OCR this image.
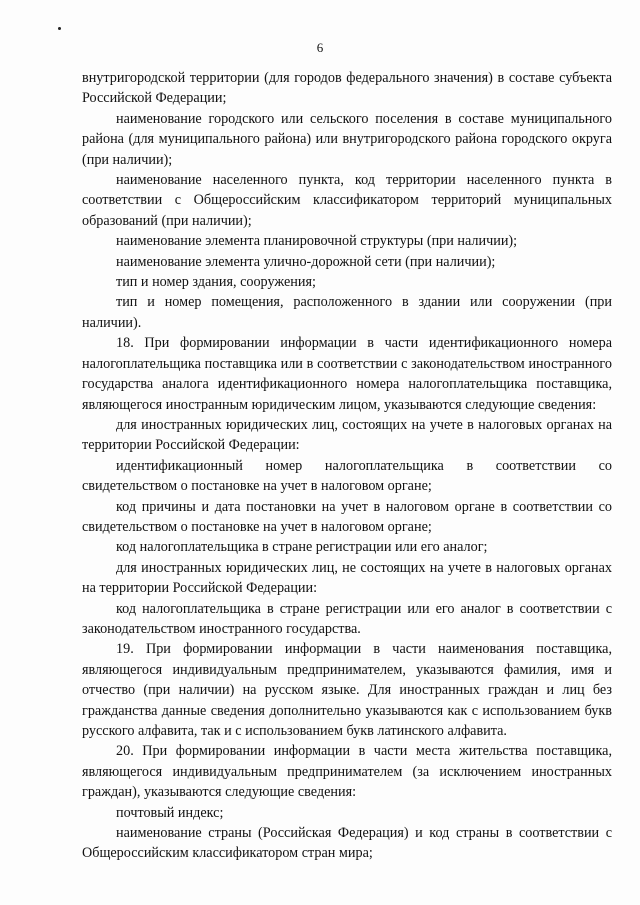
6

внутригородской территории (для городов федерального значения) в составе субъекта Российской Федерации;

наименование городского или сельского поселения в составе муниципального района (для муниципального района) или внутригородского района городского округа (при наличии);

наименование населенного пункта, код территории населенного пункта в соответствии с Общероссийским классификатором территорий муниципальных образований (при наличии);

наименование элемента планировочной структуры (при наличии);

наименование элемента улично-дорожной сети (при наличии);

тип и номер здания, сооружения;

тип и номер помещения, расположенного в здании или сооружении (при наличии).

18. При формировании информации в части идентификационного номера налогоплательщика поставщика или в соответствии с законодательством иностранного государства аналога идентификационного номера налогоплательщика поставщика, являющегося иностранным юридическим лицом, указываются следующие сведения:

для иностранных юридических лиц, состоящих на учете в налоговых органах на территории Российской Федерации:

идентификационный номер налогоплательщика в соответствии со свидетельством о постановке на учет в налоговом органе;

код причины и дата постановки на учет в налоговом органе в соответствии со свидетельством о постановке на учет в налоговом органе;

код налогоплательщика в стране регистрации или его аналог;

для иностранных юридических лиц, не состоящих на учете в налоговых органах на территории Российской Федерации:

код налогоплательщика в стране регистрации или его аналог в соответствии с законодательством иностранного государства.

19. При формировании информации в части наименования поставщика, являющегося индивидуальным предпринимателем, указываются фамилия, имя и отчество (при наличии) на русском языке. Для иностранных граждан и лиц без гражданства данные сведения дополнительно указываются как с использованием букв русского алфавита, так и с использованием букв латинского алфавита.

20. При формировании информации в части места жительства поставщика, являющегося индивидуальным предпринимателем (за исключением иностранных граждан), указываются следующие сведения:

почтовый индекс;

наименование страны (Российская Федерация) и код страны в соответствии с Общероссийским классификатором стран мира;
